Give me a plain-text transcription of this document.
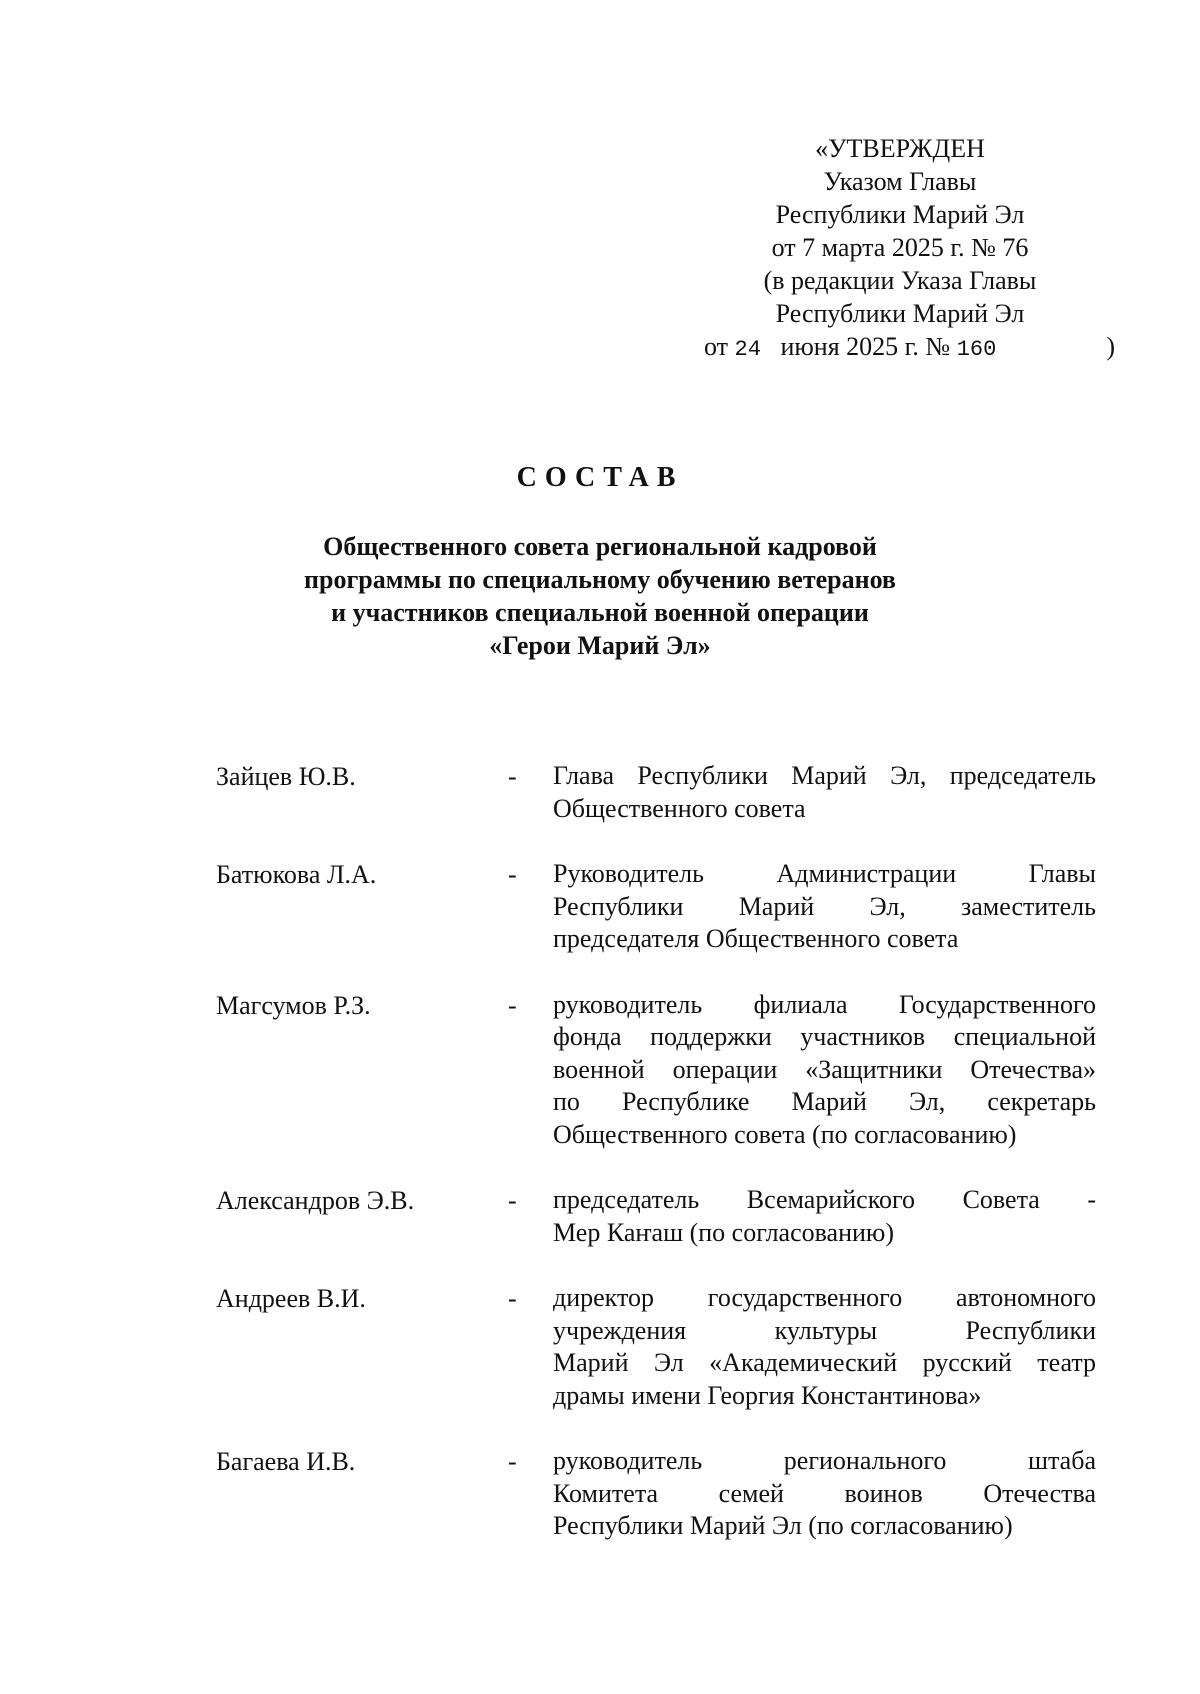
«УТВЕРЖДЕН
Указом Главы
Республики Марий Эл
от 7 марта 2025 г. № 76
(в редакции Указа Главы
Республики Марий Эл
от 24 июня 2025 г. № 160	)
СОСТАВ
Общественного совета региональной кадровой
программы по специальному обучению ветеранов
и участников специальной военной операции
«Герои Марий Эл»
Зайцев Ю.В.	- Глава Республики Марий Эл, председатель
Общественного совета
Батюкова Л.А.	- Руководитель Администрации Главы
Республики Марий Эл, заместитель
председателя Общественного совета
Магсумов Р.З.	- руководитель филиала Государственного
фонда поддержки участников специальной
военной операции «Защитники Отечества»
по Республике Марий Эл, секретарь
Общественного совета (по согласованию)
Александров Э.В.	- председатель Всемарийского Совета -
Мер Каҥаш (по согласованию)
Андреев В.И.	- директор государственного автономного
учреждения культуры Республики
Марий Эл «Академический русский театр
драмы имени Георгия Константинова»
Багаева И.В.	- руководитель регионального штаба
Комитета семей воинов Отечества
Республики Марий Эл (по согласованию)
